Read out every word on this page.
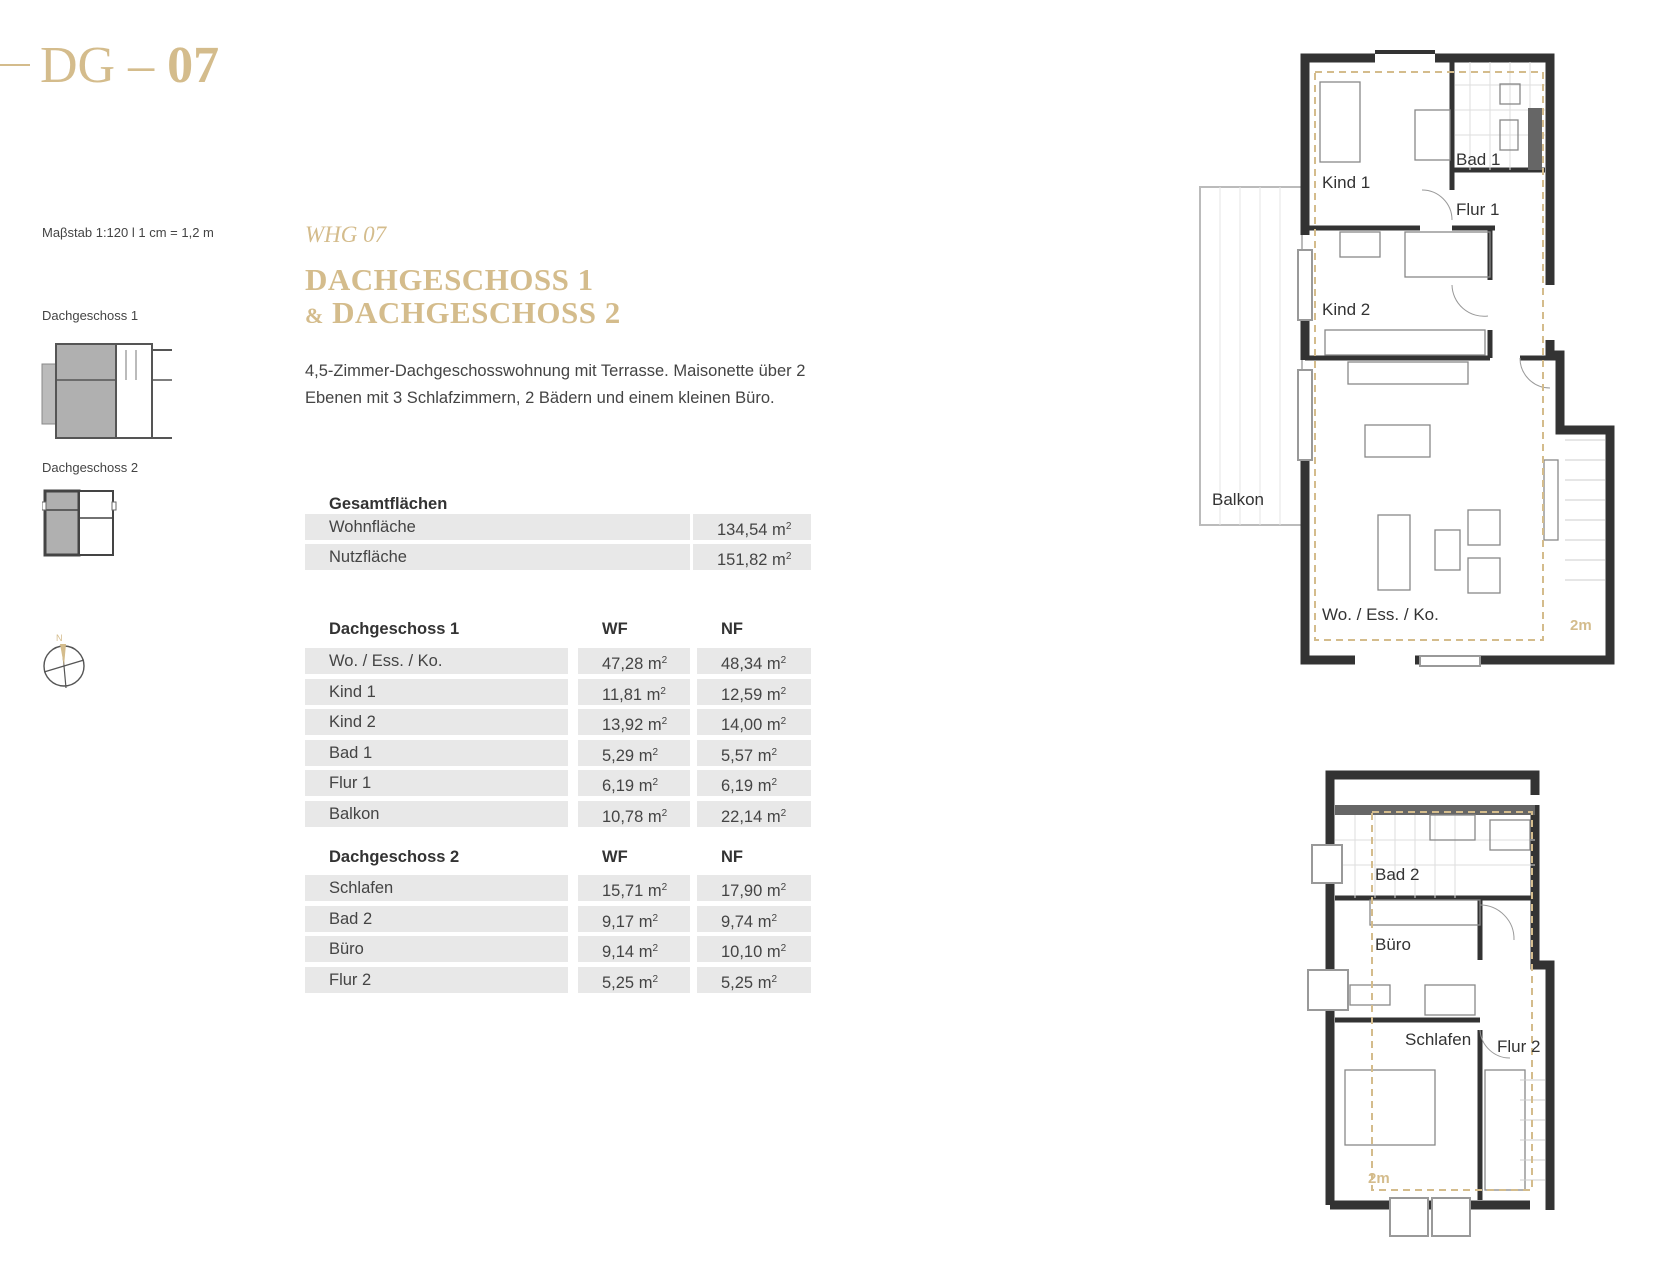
DG – 07
Maβstab 1:120 l 1 cm = 1,2 m
Dachgeschoss 1
Dachgeschoss 2
N
WHG 07
DACHGESCHOSS 1
& DACHGESCHOSS 2
4,5-Zimmer-Dachgeschosswohnung mit Terrasse. Maisonette über 2 Ebenen mit 3 Schlafzimmern, 2 Bädern und einem kleinen Büro.
Gesamtflächen
Wohnfläche	134,54 $m^2$
Nutzfläche	151,82 $m^2$
Dachgeschoss 1	WF	NF
Wo. / Ess. / Ko.	47,28 $m^2$	48,34 $m^2$
Kind 1	11,81 $m^2$	12,59 $m^2$
Kind 2	13,92 $m^2$	14,00 $m^2$
Bad 1	5,29 $m^2$	5,57 $m^2$
Flur 1	6,19 $m^2$	6,19 $m^2$
Balkon	10,78 $m^2$	22,14 $m^2$
Dachgeschoss 2	WF	NF
Schlafen	15,71 $m^2$	17,90 $m^2$
Bad 2	9,17 $m^2$	9,74 $m^2$
Büro	9,14 $m^2$	10,10 $m^2$
Flur 2	5,25 $m^2$	5,25 $m^2$
Kind 1
Bad 1
Flur 1
Kind 2
Balkon
Wo. / Ess. / Ko.
2m
Bad 2
Büro
Schlafen Flur 2
2m
